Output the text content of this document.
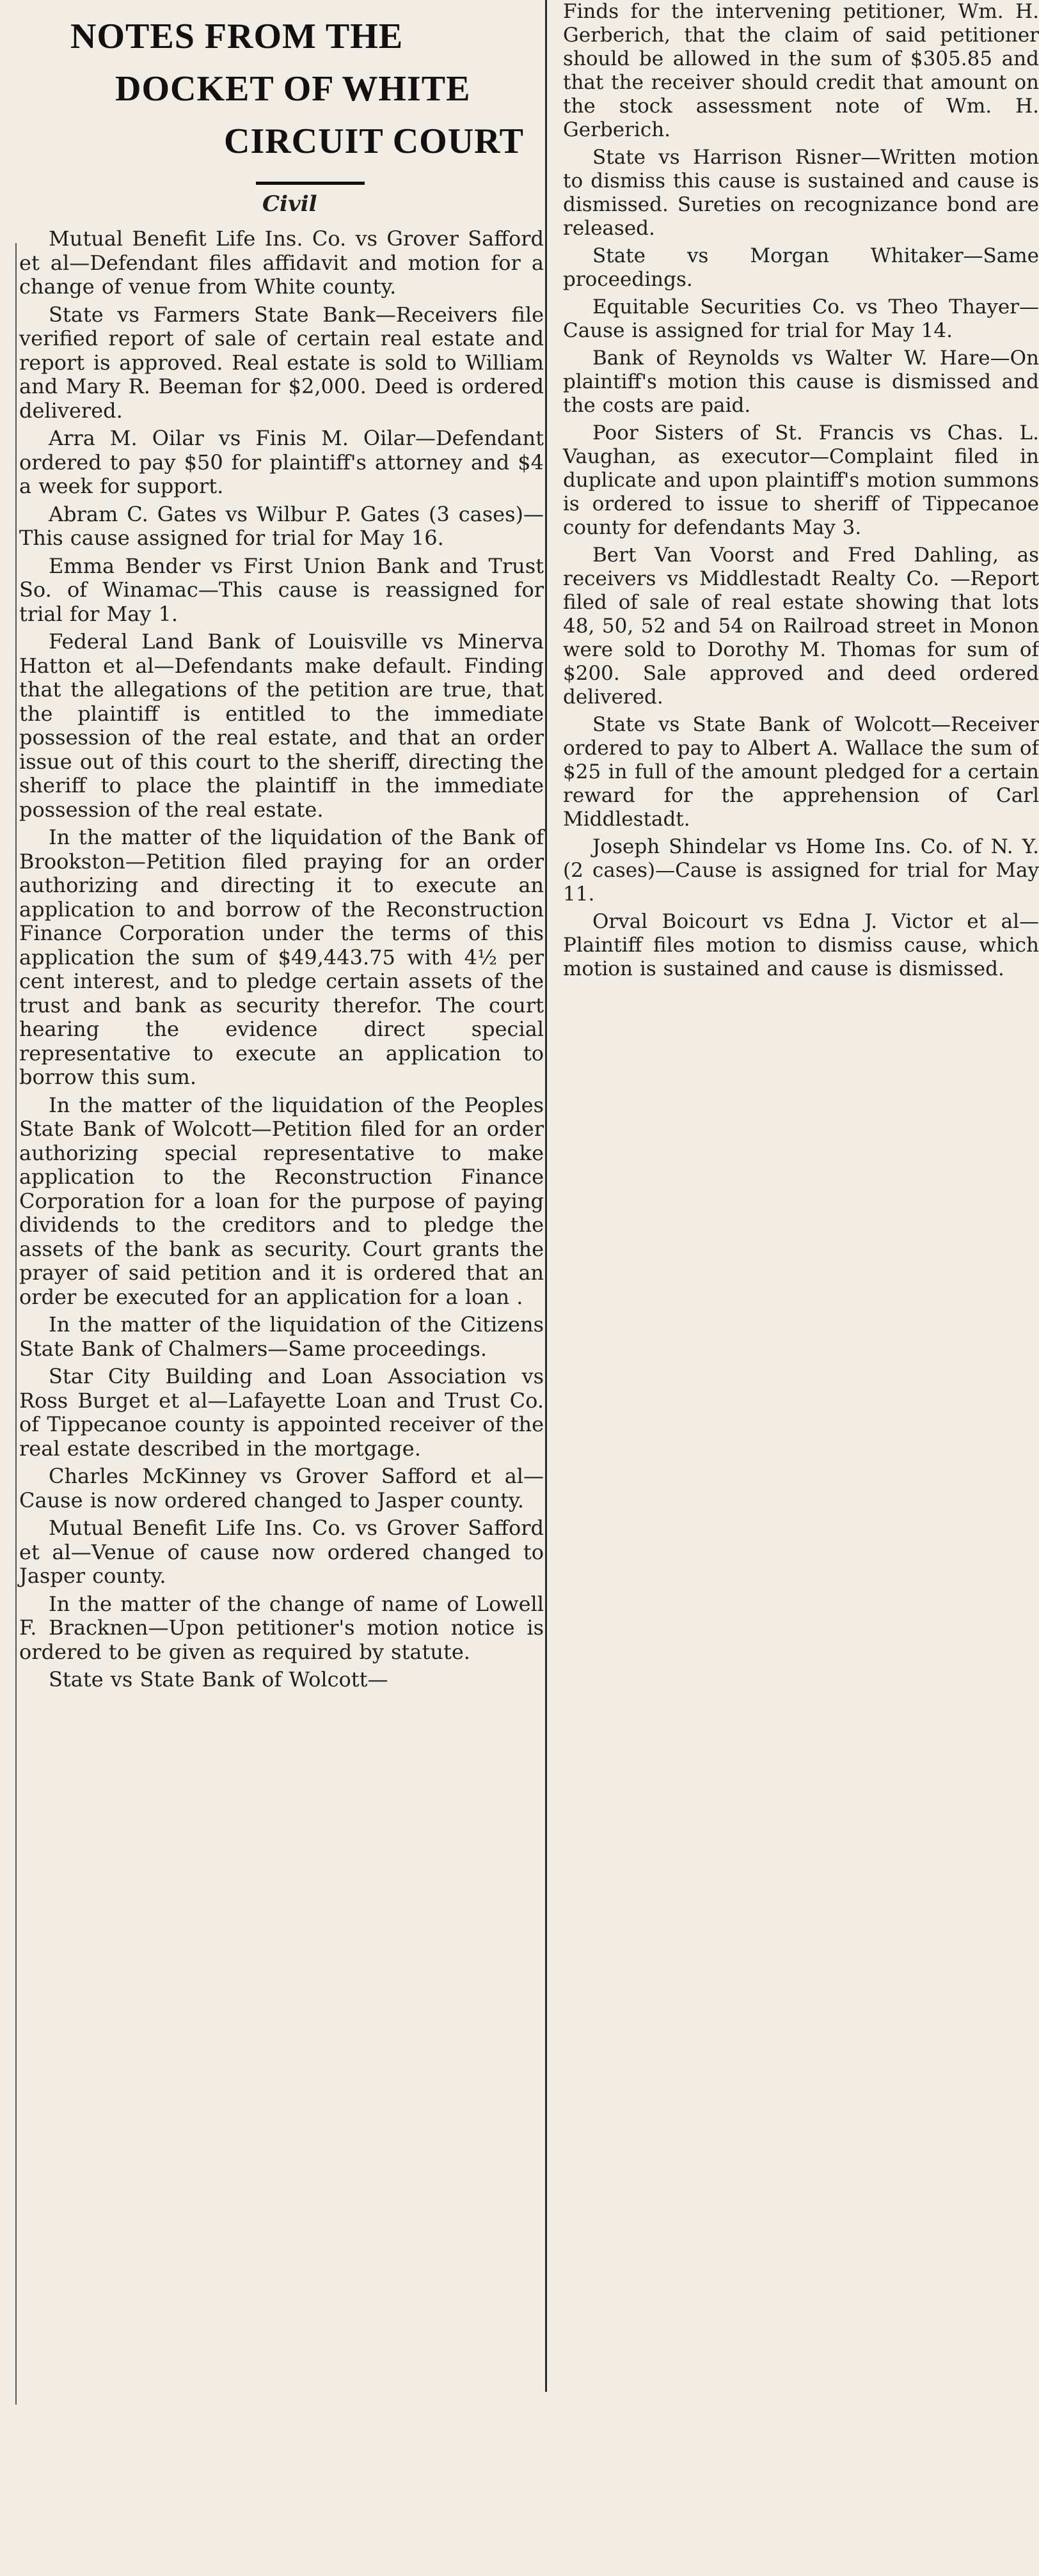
NOTES FROM THE
DOCKET OF WHITE
CIRCUIT COURT
Civil

Mutual Benefit Life Ins. Co. vs Grover Safford et al—Defendant files affidavit and motion for a change of venue from White county.

State vs Farmers State Bank—Receivers file verified report of sale of certain real estate and report is approved. Real estate is sold to William and Mary R. Beeman for $2,000. Deed is ordered delivered.

Arra M. Oilar vs Finis M. Oilar—Defendant ordered to pay $50 for plaintiff's attorney and $4 a week for support.

Abram C. Gates vs Wilbur P. Gates (3 cases)—This cause assigned for trial for May 16.

Emma Bender vs First Union Bank and Trust So. of Winamac—This cause is reassigned for trial for May 1.

Federal Land Bank of Louisville vs Minerva Hatton et al—Defendants make default. Finding that the allegations of the petition are true, that the plaintiff is entitled to the immediate possession of the real estate, and that an order issue out of this court to the sheriff, directing the sheriff to place the plaintiff in the immediate possession of the real estate.

In the matter of the liquidation of the Bank of Brookston—Petition filed praying for an order authorizing and directing it to execute an application to and borrow of the Reconstruction Finance Corporation under the terms of this application the sum of $49,443.75 with 4½ per cent interest, and to pledge certain assets of the trust and bank as security therefor. The court hearing the evidence direct special representative to execute an application to borrow this sum.

In the matter of the liquidation of the Peoples State Bank of Wolcott—Petition filed for an order authorizing special representative to make application to the Reconstruction Finance Corporation for a loan for the purpose of paying dividends to the creditors and to pledge the assets of the bank as security. Court grants the prayer of said petition and it is ordered that an order be executed for an application for a loan .

In the matter of the liquidation of the Citizens State Bank of Chalmers—Same proceedings.

Star City Building and Loan Association vs Ross Burget et al—Lafayette Loan and Trust Co. of Tippecanoe county is appointed receiver of the real estate described in the mortgage.

Charles McKinney vs Grover Safford et al—Cause is now ordered changed to Jasper county.

Mutual Benefit Life Ins. Co. vs Grover Safford et al—Venue of cause now ordered changed to Jasper county.

In the matter of the change of name of Lowell F. Bracknen—Upon petitioner's motion notice is ordered to be given as required by statute.

State vs State Bank of Wolcott—

Finds for the intervening petitioner, Wm. H. Gerberich, that the claim of said petitioner should be allowed in the sum of $305.85 and that the receiver should credit that amount on the stock assessment note of Wm. H. Gerberich.

State vs Harrison Risner—Written motion to dismiss this cause is sustained and cause is dismissed. Sureties on recognizance bond are released.

State vs Morgan Whitaker—Same proceedings.

Equitable Securities Co. vs Theo Thayer—Cause is assigned for trial for May 14.

Bank of Reynolds vs Walter W. Hare—On plaintiff's motion this cause is dismissed and the costs are paid.

Poor Sisters of St. Francis vs Chas. L. Vaughan, as executor—Complaint filed in duplicate and upon plaintiff's motion summons is ordered to issue to sheriff of Tippecanoe county for defendants May 3.

Bert Van Voorst and Fred Dahling, as receivers vs Middlestadt Realty Co. —Report filed of sale of real estate showing that lots 48, 50, 52 and 54 on Railroad street in Monon were sold to Dorothy M. Thomas for sum of $200. Sale approved and deed ordered delivered.

State vs State Bank of Wolcott—Receiver ordered to pay to Albert A. Wallace the sum of $25 in full of the amount pledged for a certain reward for the apprehension of Carl Middlestadt.

Joseph Shindelar vs Home Ins. Co. of N. Y. (2 cases)—Cause is assigned for trial for May 11.

Orval Boicourt vs Edna J. Victor et al—Plaintiff files motion to dismiss cause, which motion is sustained and cause is dismissed.
